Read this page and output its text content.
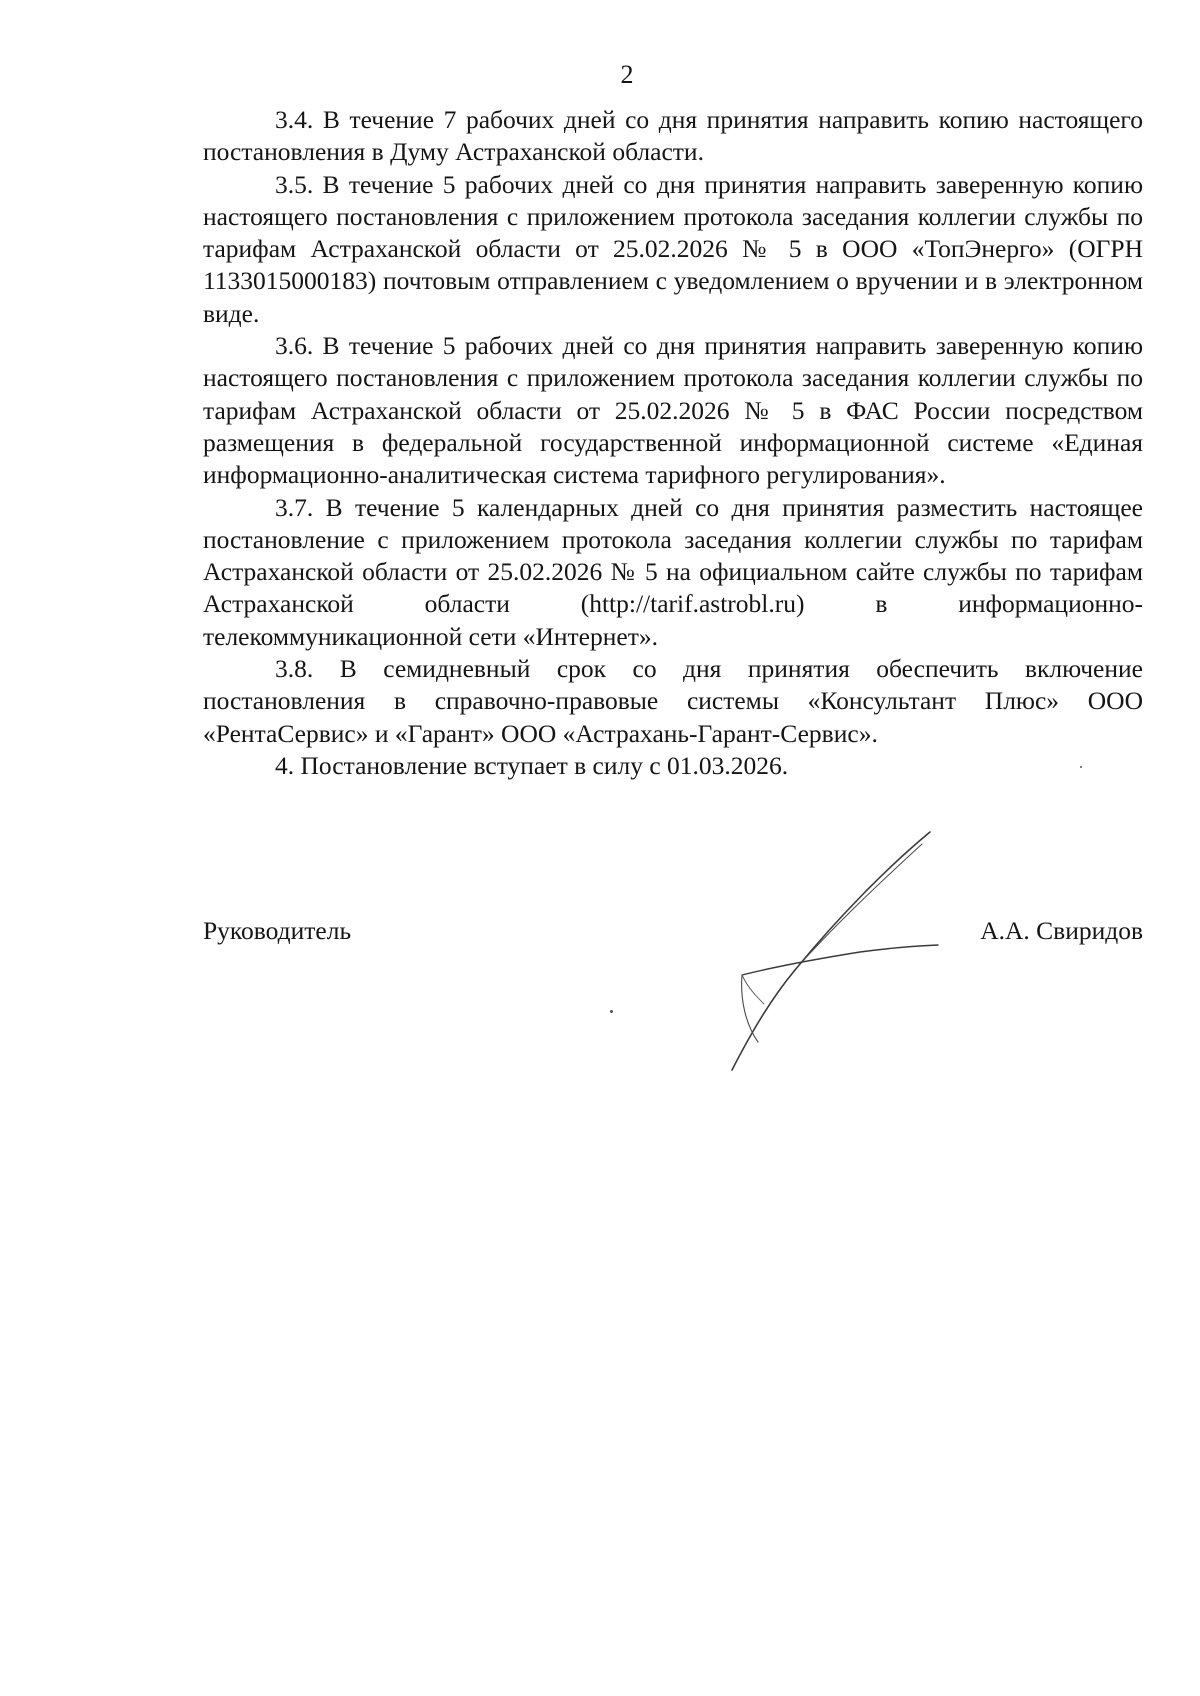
2

3.4. В течение 7 рабочих дней со дня принятия направить копию настоящего постановления в Думу Астраханской области.

3.5. В течение 5 рабочих дней со дня принятия направить заверенную копию настоящего постановления с приложением протокола заседания коллегии службы по тарифам Астраханской области от 25.02.2026 № 5 в ООО «ТопЭнерго» (ОГРН 1133015000183) почтовым отправлением с уведомлением о вручении и в электронном виде.

3.6. В течение 5 рабочих дней со дня принятия направить заверенную копию настоящего постановления с приложением протокола заседания коллегии службы по тарифам Астраханской области от 25.02.2026 № 5 в ФАС России посредством размещения в федеральной государственной информационной системе «Единая информационно-аналитическая система тарифного регулирования».

3.7. В течение 5 календарных дней со дня принятия разместить настоящее постановление с приложением протокола заседания коллегии службы по тарифам Астраханской области от 25.02.2026 № 5 на официальном сайте службы по тарифам Астраханской области (http://tarif.astrobl.ru) в информационно-телекоммуникационной сети «Интернет».

3.8. В семидневный срок со дня принятия обеспечить включение постановления в справочно-правовые системы «Консультант Плюс» ООО «РентаСервис» и «Гарант» ООО «Астрахань-Гарант-Сервис».

4. Постановление вступает в силу с 01.03.2026.

Руководитель	А.А. Свиридов
